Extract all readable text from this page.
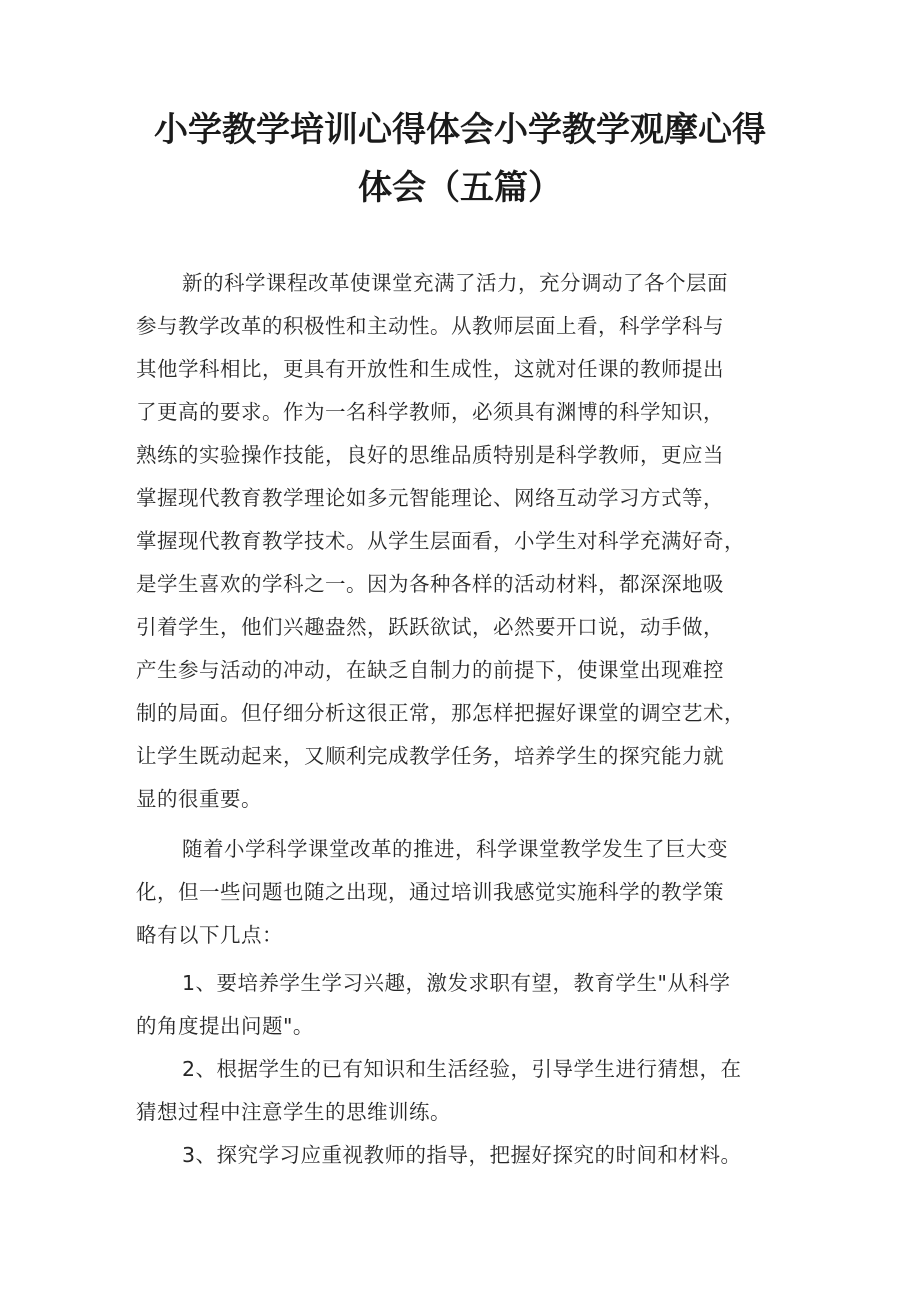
小学教学培训心得体会小学教学观摩心得
体会（五篇）

新的科学课程改革使课堂充满了活力，充分调动了各个层面

参与教学改革的积极性和主动性。从教师层面上看，科学学科与

其他学科相比，更具有开放性和生成性，这就对任课的教师提出

了更高的要求。作为一名科学教师，必须具有渊博的科学知识，

熟练的实验操作技能，良好的思维品质特别是科学教师，更应当

掌握现代教育教学理论如多元智能理论、网络互动学习方式等，

掌握现代教育教学技术。从学生层面看，小学生对科学充满好奇，

是学生喜欢的学科之一。因为各种各样的活动材料，都深深地吸

引着学生，他们兴趣盎然，跃跃欲试，必然要开口说，动手做，

产生参与活动的冲动，在缺乏自制力的前提下，使课堂出现难控

制的局面。但仔细分析这很正常，那怎样把握好课堂的调空艺术，

让学生既动起来，又顺利完成教学任务，培养学生的探究能力就

显的很重要。

随着小学科学课堂改革的推进，科学课堂教学发生了巨大变

化，但一些问题也随之出现，通过培训我感觉实施科学的教学策

略有以下几点：

1、要培养学生学习兴趣，激发求职有望，教育学生"从科学

的角度提出问题"。

2、根据学生的已有知识和生活经验，引导学生进行猜想，在

猜想过程中注意学生的思维训练。

3、探究学习应重视教师的指导，把握好探究的时间和材料。
